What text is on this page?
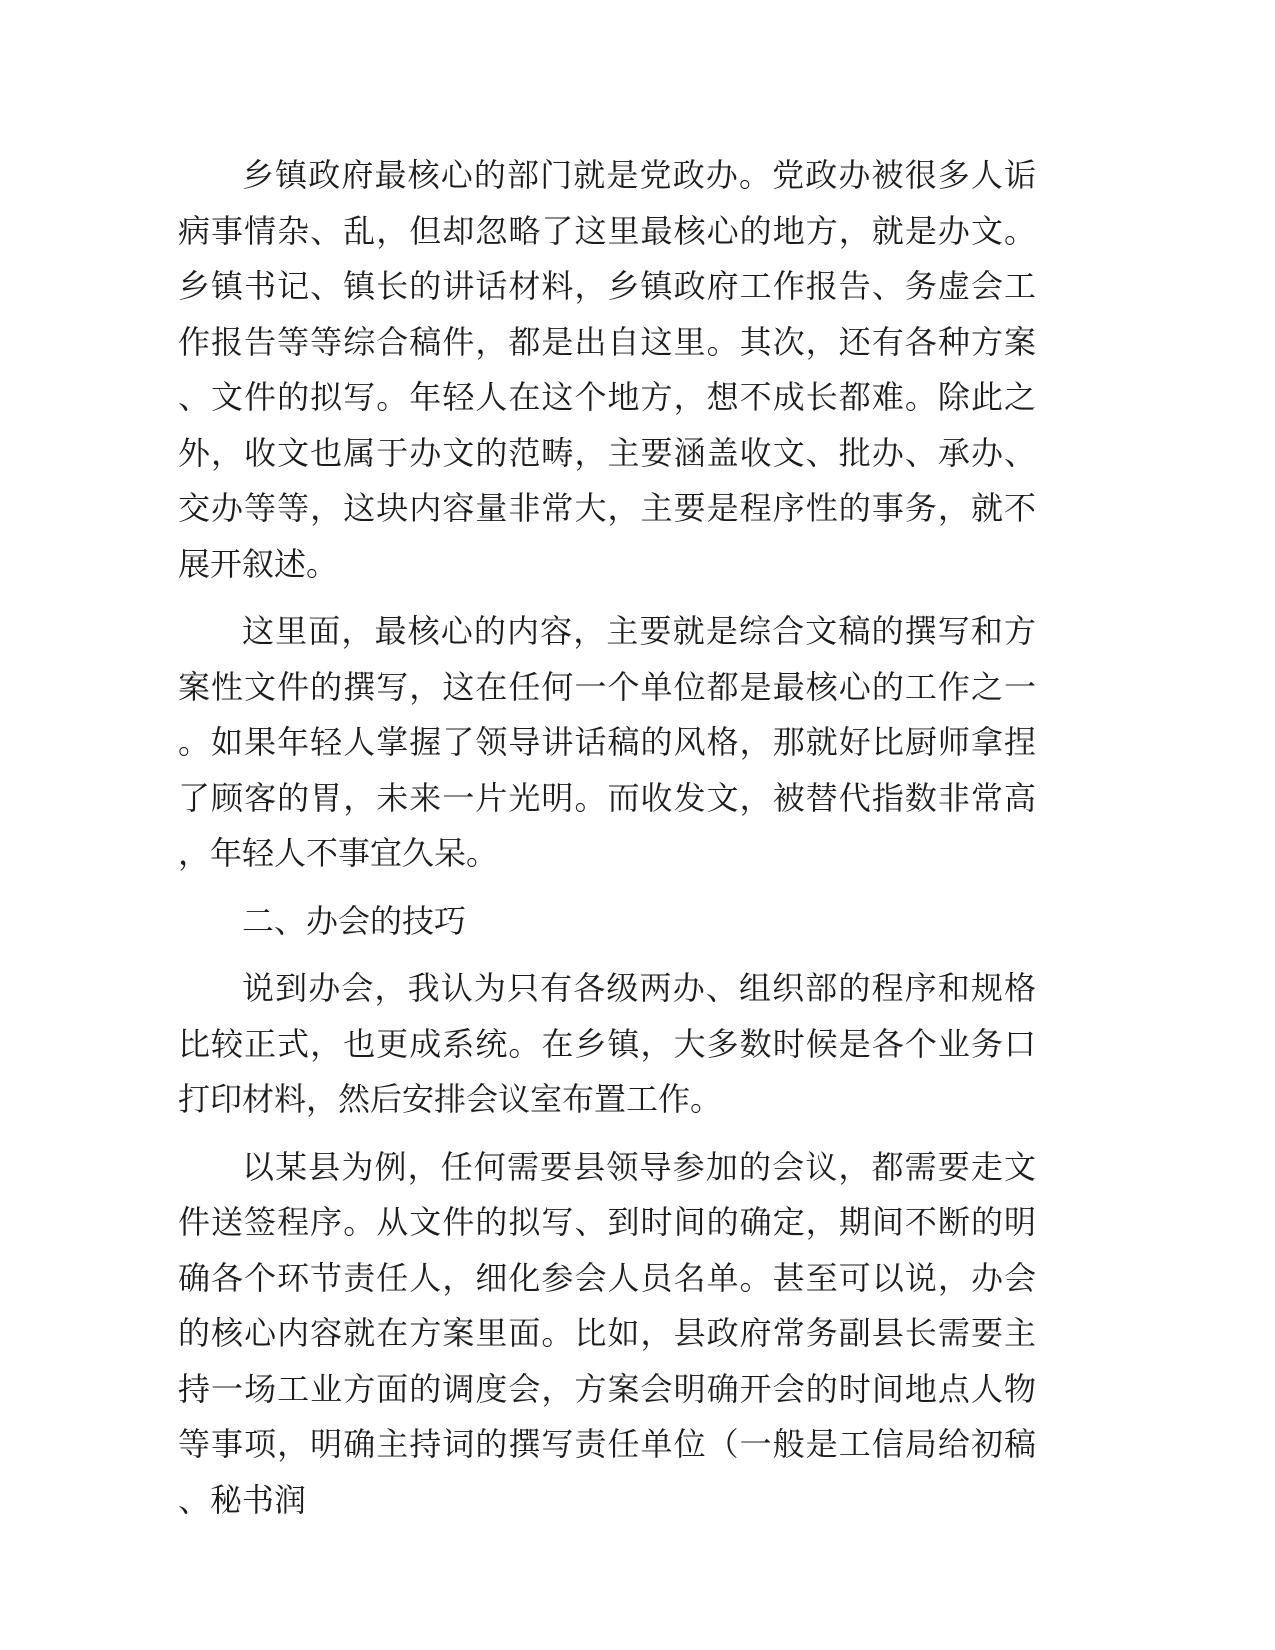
乡镇政府最核心的部门就是党政办。党政办被很多人诟病事情杂、乱，但却忽略了这里最核心的地方，就是办文。乡镇书记、镇长的讲话材料，乡镇政府工作报告、务虚会工作报告等等综合稿件，都是出自这里。其次，还有各种方案、文件的拟写。年轻人在这个地方，想不成长都难。除此之外，收文也属于办文的范畴，主要涵盖收文、批办、承办、交办等等，这块内容量非常大，主要是程序性的事务，就不展开叙述。

这里面，最核心的内容，主要就是综合文稿的撰写和方案性文件的撰写，这在任何一个单位都是最核心的工作之一。如果年轻人掌握了领导讲话稿的风格，那就好比厨师拿捏了顾客的胃，未来一片光明。而收发文，被替代指数非常高，年轻人不事宜久呆。

二、办会的技巧

说到办会，我认为只有各级两办、组织部的程序和规格比较正式，也更成系统。在乡镇，大多数时候是各个业务口打印材料，然后安排会议室布置工作。

以某县为例，任何需要县领导参加的会议，都需要走文件送签程序。从文件的拟写、到时间的确定，期间不断的明确各个环节责任人，细化参会人员名单。甚至可以说，办会的核心内容就在方案里面。比如，县政府常务副县长需要主持一场工业方面的调度会，方案会明确开会的时间地点人物等事项，明确主持词的撰写责任单位（一般是工信局给初稿、秘书润
